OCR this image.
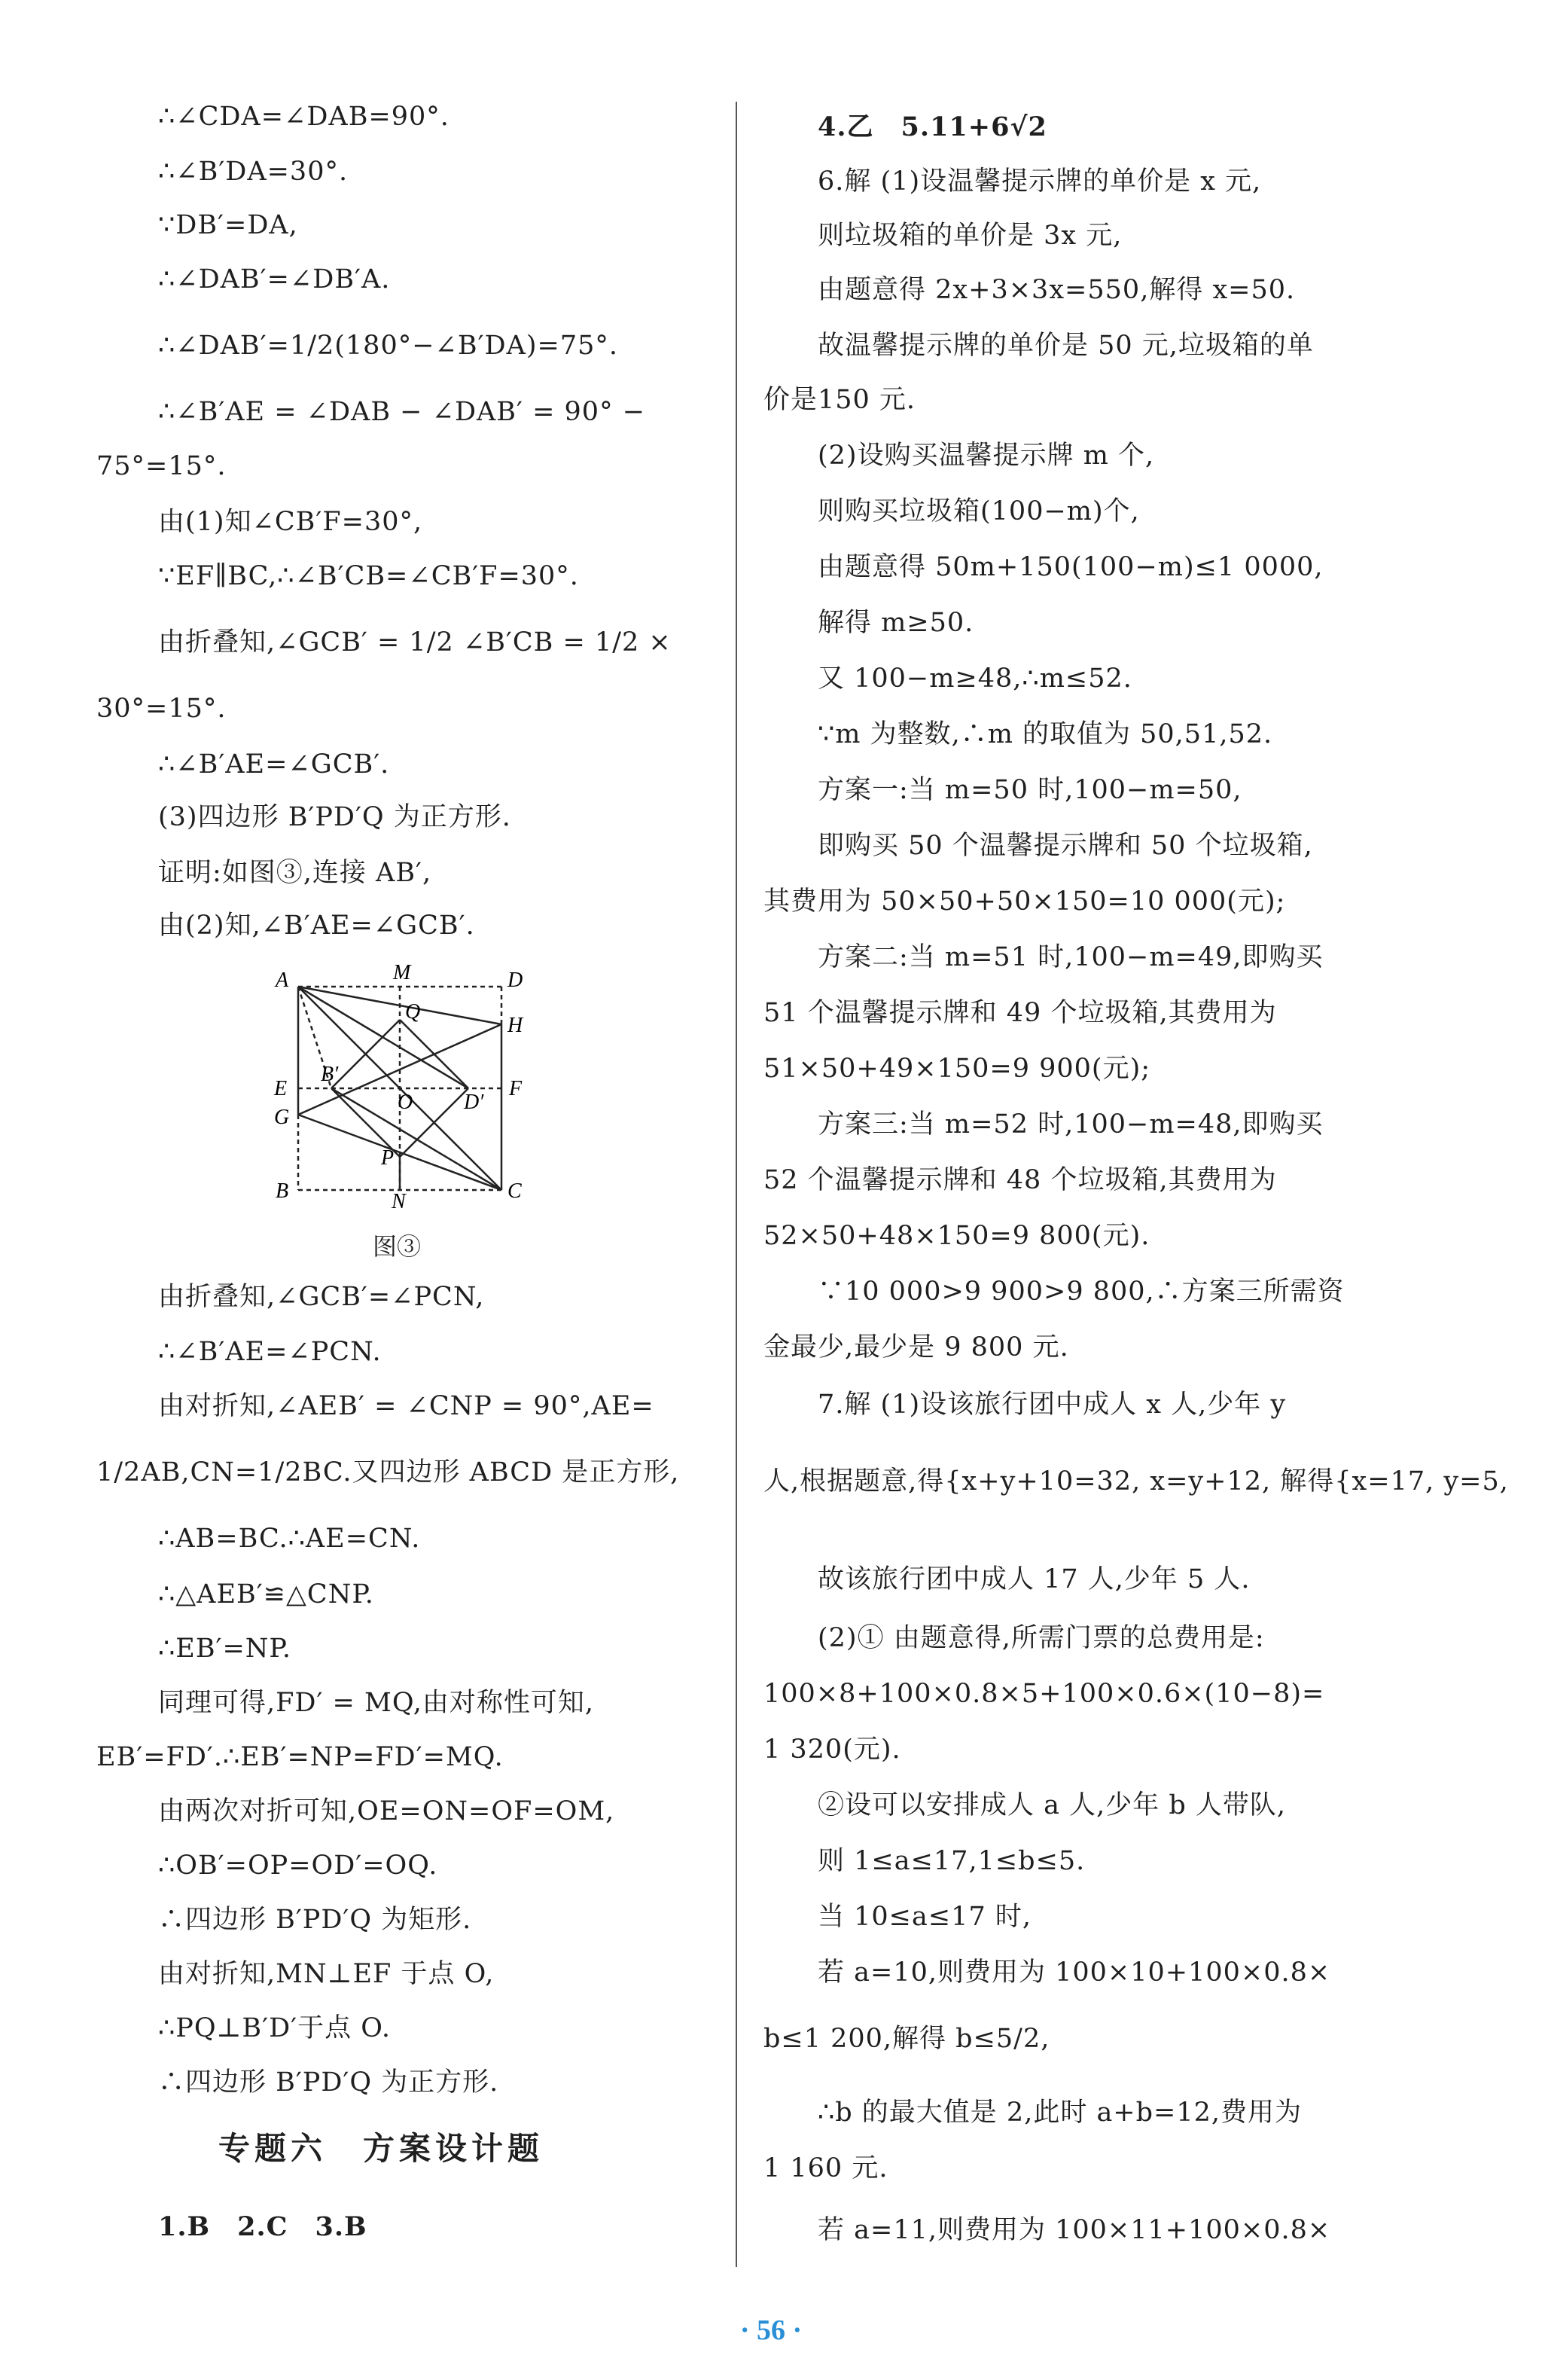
∴∠CDA=∠DAB=90°.
∴∠B′DA=30°.
∵DB′=DA,
∴∠DAB′=∠DB′A.
∴∠DAB′=1/2(180°−∠B′DA)=75°.
∴∠B′AE = ∠DAB − ∠DAB′ = 90° −
75°=15°.
由(1)知∠CB′F=30°,
∵EF∥BC,∴∠B′CB=∠CB′F=30°.
由折叠知,∠GCB′ = 1/2 ∠B′CB = 1/2 ×
30°=15°.
∴∠B′AE=∠GCB′.
(3)四边形 B′PD′Q 为正方形.
证明:如图③,连接 AB′,
由(2)知,∠B′AE=∠GCB′.
A	M	D
Q
H
B′
E
O
F
D′
G
P
B	N	C
图③
由折叠知,∠GCB′=∠PCN,
∴∠B′AE=∠PCN.
由对折知,∠AEB′ = ∠CNP = 90°,AE=
1/2AB,CN=1/2BC.又四边形 ABCD 是正方形,
∴AB=BC.∴AE=CN.
∴△AEB′≌△CNP.
∴EB′=NP.
同理可得,FD′ = MQ,由对称性可知,
EB′=FD′.∴EB′=NP=FD′=MQ.
由两次对折可知,OE=ON=OF=OM,
∴OB′=OP=OD′=OQ.
∴四边形 B′PD′Q 为矩形.
由对折知,MN⊥EF 于点 O,
∴PQ⊥B′D′于点 O.
∴四边形 B′PD′Q 为正方形.
专题六　方案设计题
1.B　2.C　3.B
4.乙　5.11+6√2
6.解 (1)设温馨提示牌的单价是 x 元,
则垃圾箱的单价是 3x 元,
由题意得 2x+3×3x=550,解得 x=50.
故温馨提示牌的单价是 50 元,垃圾箱的单
价是150 元.
(2)设购买温馨提示牌 m 个,
则购买垃圾箱(100−m)个,
由题意得 50m+150(100−m)≤1 0000,
解得 m≥50.
又 100−m≥48,∴m≤52.
∵m 为整数,∴m 的取值为 50,51,52.
方案一:当 m=50 时,100−m=50,
即购买 50 个温馨提示牌和 50 个垃圾箱,
其费用为 50×50+50×150=10 000(元);
方案二:当 m=51 时,100−m=49,即购买
51 个温馨提示牌和 49 个垃圾箱,其费用为
51×50+49×150=9 900(元);
方案三:当 m=52 时,100−m=48,即购买
52 个温馨提示牌和 48 个垃圾箱,其费用为
52×50+48×150=9 800(元).
∵10 000>9 900>9 800,∴方案三所需资
金最少,最少是 9 800 元.
7.解 (1)设该旅行团中成人 x 人,少年 y
人,根据题意,得{x+y+10=32, x=y+12, 解得{x=17, y=5,
故该旅行团中成人 17 人,少年 5 人.
(2)① 由题意得,所需门票的总费用是:
100×8+100×0.8×5+100×0.6×(10−8)=
1 320(元).
②设可以安排成人 a 人,少年 b 人带队,
则 1≤a≤17,1≤b≤5.
当 10≤a≤17 时,
若 a=10,则费用为 100×10+100×0.8×
b≤1 200,解得 b≤5/2,
∴b 的最大值是 2,此时 a+b=12,费用为
1 160 元.
若 a=11,则费用为 100×11+100×0.8×
· 56 ·
